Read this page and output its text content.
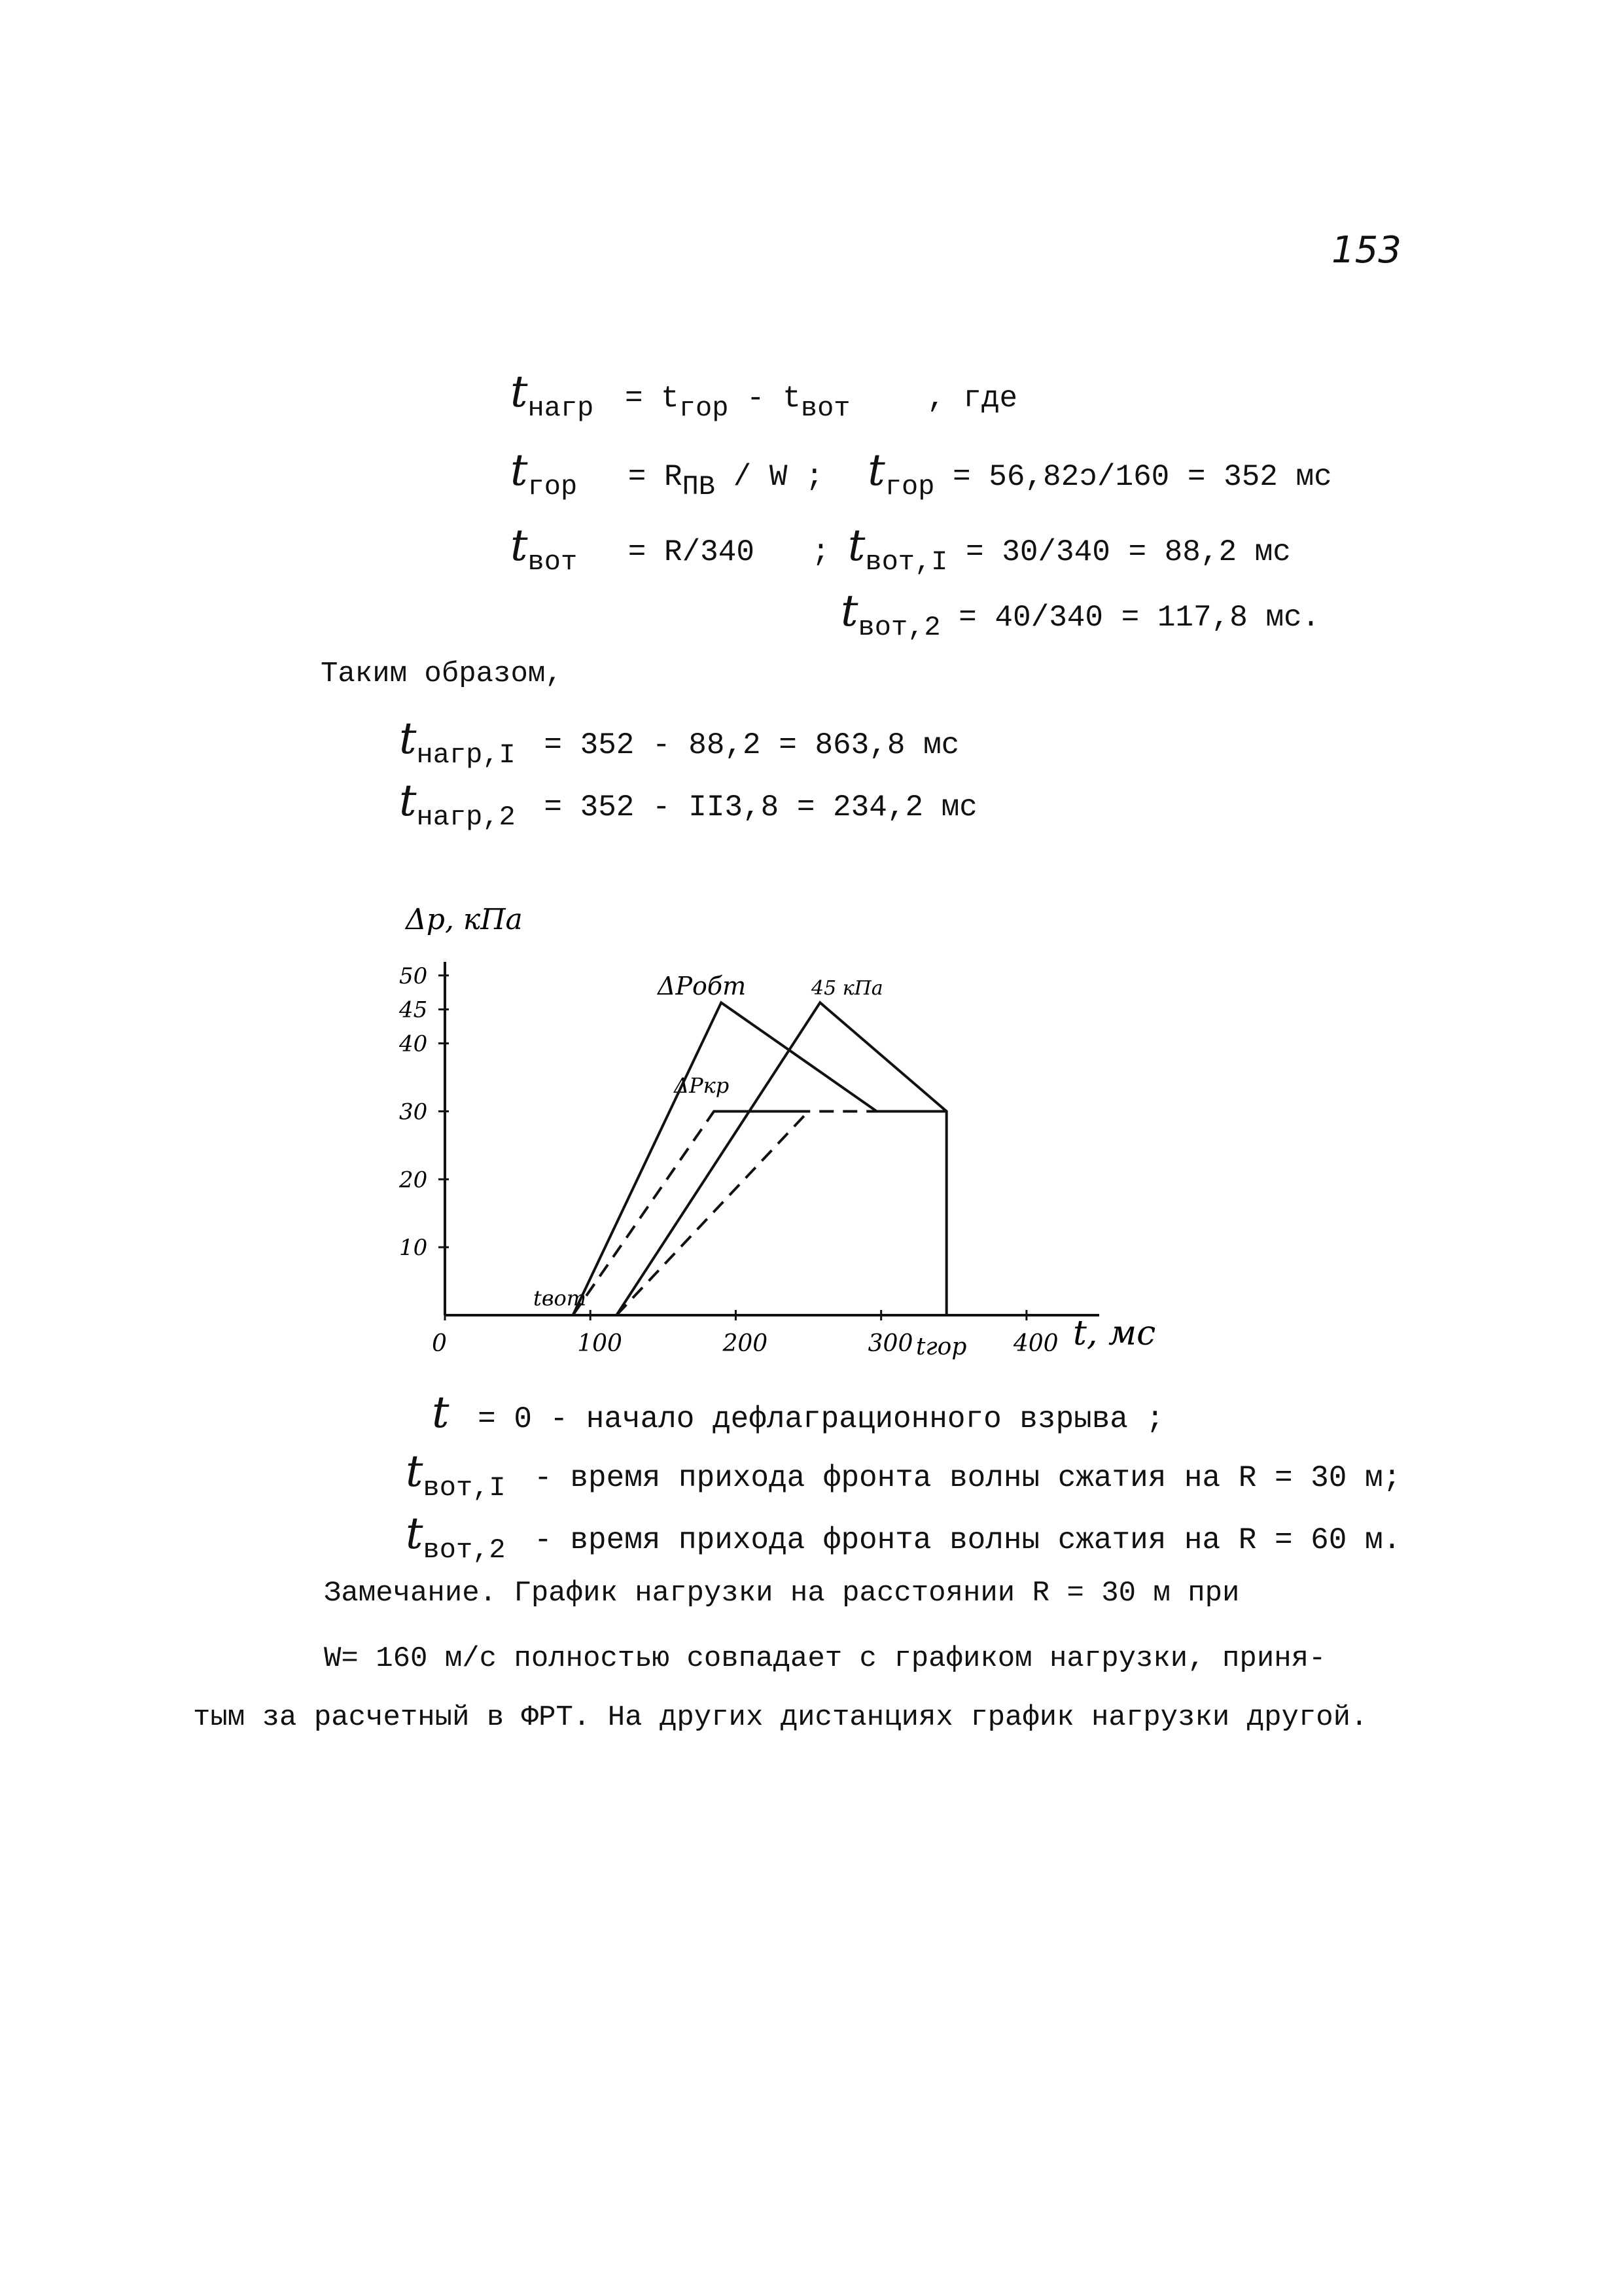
153
$t_{нагр} = t_{гор} - t_{вот}$	, где
$t_{гор} = R_{ПВ} / W$ ; $t_{гор}$ = 56,82ɔ/160 = 352 мс
$t_{вот} = R/340$ ; $t_{вот,I} = 30/340 = 88,2$ мс
$t_{вот,2} = 40/340 = 117,8$ мс.
Таким образом,
$t_{нагр,I} = 352 - 88,2 = 863,8$ мс
$t_{нагр,2} = 352 - II3,8 = 234,2$ мс
Δp, кПа
t, мс
ΔPобт	45 кПа
ΔPкр
tвот
tгор
0	100	200	300	400
10
20
30
40
45
50
t = 0 - начало дефлаграционного взрыва ;
$t_{вот,I}$ - время прихода фронта волны сжатия на R = 30 м;
$t_{вот,2}$ - время прихода фронта волны сжатия на R = 60 м.
Замечание. График нагрузки на расстоянии R = 30 м при
W= 160 м/с полностью совпадает с графиком нагрузки, приня-
тым за расчетный в ФРТ. На других дистанциях график нагрузки другой.
